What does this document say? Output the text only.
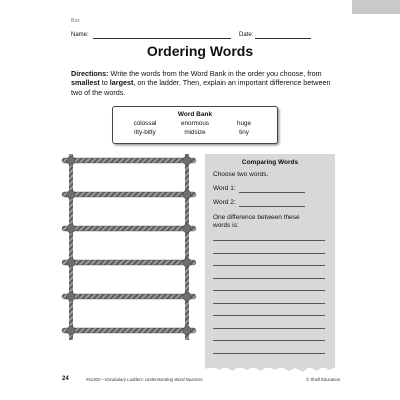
Box
Name:	Date:
Ordering Words
Directions: Write the words from the Word Bank in the order you choose, from smallest to largest, on the ladder. Then, explain an important difference between two of the words.
Word Bank
colossal	enormous	huge
itty-bitty	midsize	tiny
Comparing Words
Choose two words.
Word 1:
Word 2:
One difference between these
words is:
24	#51302—Vocabulary Ladders: Understanding Word Nuances	© Shell Education
